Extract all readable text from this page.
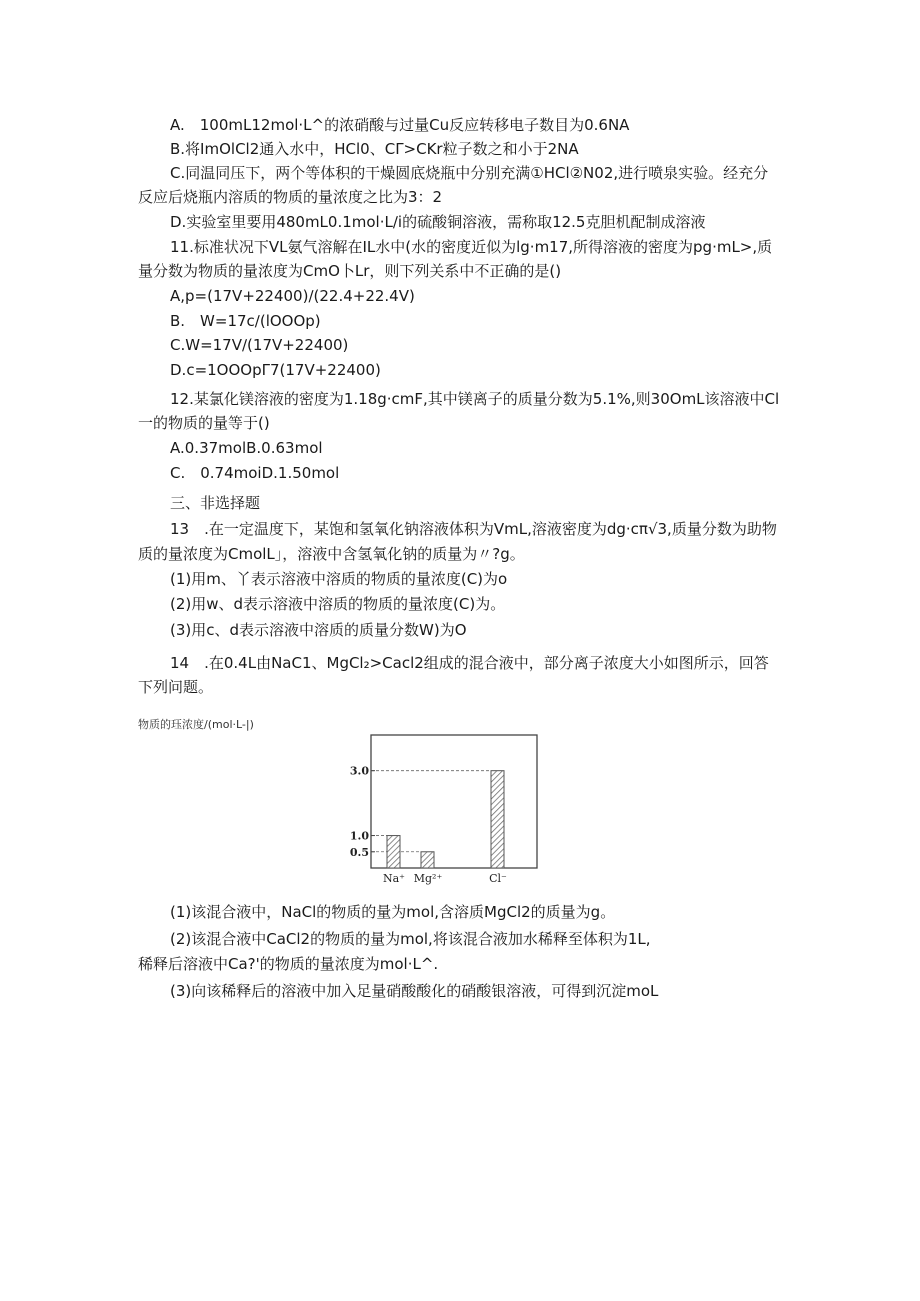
A.　100mL12mol·L^的浓硝酸与过量Cu反应转移电子数目为0.6NA

B.将ImOlCl2通入水中，HCl0、CΓ>CKr粒子数之和小于2NA

C.同温同压下，两个等体积的干燥圆底烧瓶中分别充满①HCl②N02,进行喷泉实验。经充分

反应后烧瓶内溶质的物质的量浓度之比为3：2

D.实验室里要用480mL0.1mol·L∕i的硫酸铜溶液，需称取12.5克胆机配制成溶液

11.标准状况下VL氨气溶解在IL水中(水的密度近似为lg·m17,所得溶液的密度为pg·mL>,质

量分数为物质的量浓度为CmO卜Lr，则下列关系中不正确的是()

A,p=(17V+22400)∕(22.4+22.4V)

B.　W=17c∕(lOOOp)

C.W=17V∕(17V+22400)

D.c=1OOOpΓ7(17V+22400)

12.某氯化镁溶液的密度为1.18g·cmF,其中镁离子的质量分数为5.1%,则30OmL该溶液中Cl

一的物质的量等于()

A.0.37molB.0.63mol

C.　0.74moiD.1.50mol

三、非选择题

13　.在一定温度下，某饱和氢氧化钠溶液体积为VmL,溶液密度为dg·cπ√3,质量分数为助物

质的量浓度为CmolL」，溶液中含氢氧化钠的质量为〃?g。

(1)用m、丫表示溶液中溶质的物质的量浓度(C)为o

(2)用w、d表示溶液中溶质的物质的量浓度(C)为。

(3)用c、d表示溶液中溶质的质量分数W)为O

14　.在0.4L由NaC1、MgCl₂>Cacl2组成的混合液中，部分离子浓度大小如图所示，回答

下列问题。

物质的珏浓度/(mol·L-|)
0.5
1.0
3.0
Na⁺ Mg²⁺	Cl⁻

(1)该混合液中，NaCl的物质的量为mol,含溶质MgCl2的质量为g。

(2)该混合液中CaCl2的物质的量为mol,将该混合液加水稀释至体积为1L,

稀释后溶液中Ca?'的物质的量浓度为mol·L^.

(3)向该稀释后的溶液中加入足量硝酸酸化的硝酸银溶液，可得到沉淀moL
